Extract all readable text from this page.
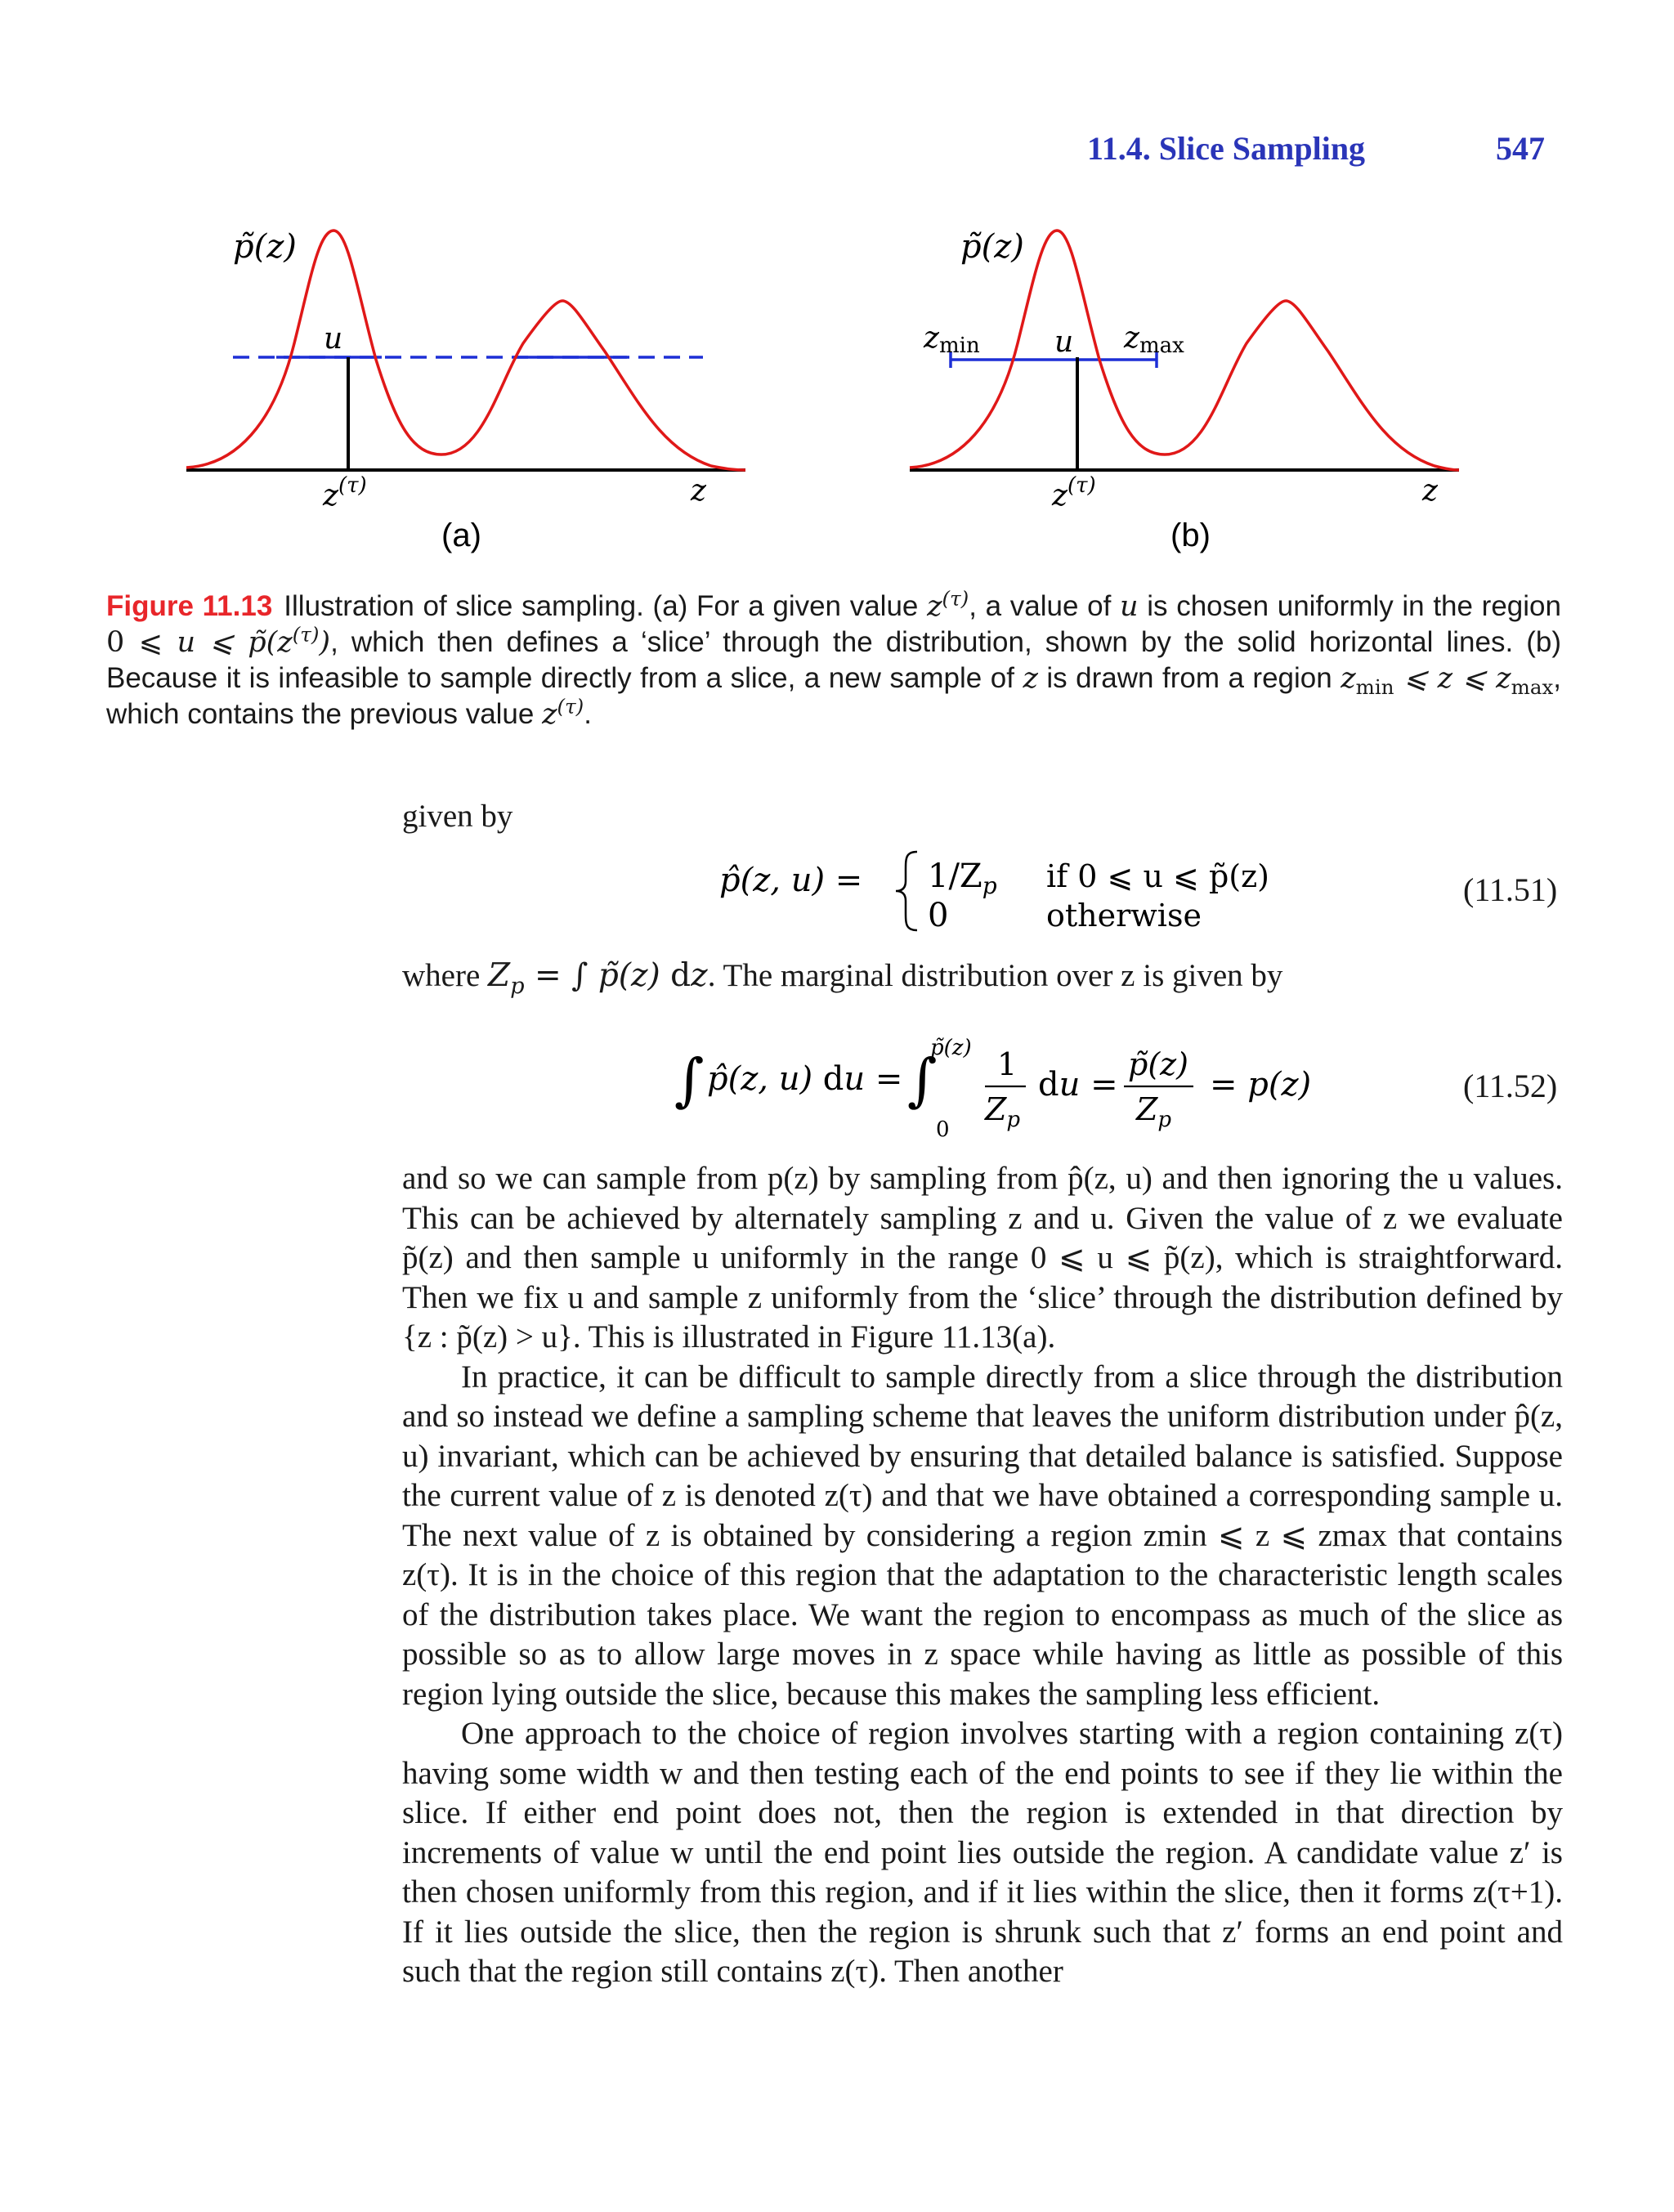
11.4. Slice Sampling	547
p̃(z)
u
$z^{(\tau)}$	z
(a)
p̃(z)
zmin	u zmax
$z^{(\tau)}$	z
(b)
Figure 11.13 Illustration of slice sampling. (a) For a given value $z^{(\tau)}$, a value of u is chosen uniformly in the region 0 ⩽ u ⩽ $p̃(z^{(\tau)})$, which then defines a ‘slice’ through the distribution, shown by the solid horizontal lines. (b) Because it is infeasible to sample directly from a slice, a new sample of z is drawn from a region $z_{min}$ ⩽ z ⩽ $z_{max}$, which contains the previous value $z^{(\tau)}$.
given by
p̂(z, $u) = 1/Z_p$ if 0 ⩽ u ⩽ p̃(z)
0	otherwise
(11.51)
where $Z_p$ = ∫ p̃(z) dz. The marginal distribution over z is given by
∫ p̂(z, u) du = ∫
p̃(z)
0
1
$Z_p$
du =
p̃(z)
$Z_p$
= p(z)	(11.52)

and so we can sample from p(z) by sampling from p̂(z, u) and then ignoring the u values. This can be achieved by alternately sampling z and u. Given the value of z we evaluate p̃(z) and then sample u uniformly in the range 0 ⩽ u ⩽ p̃(z), which is straightforward. Then we fix u and sample z uniformly from the ‘slice’ through the distribution defined by {z : p̃(z) > u}. This is illustrated in Figure 11.13(a).

In practice, it can be difficult to sample directly from a slice through the distribution and so instead we define a sampling scheme that leaves the uniform distribution under p̂(z, u) invariant, which can be achieved by ensuring that detailed balance is satisfied. Suppose the current value of z is denoted z(τ) and that we have obtained a corresponding sample u. The next value of z is obtained by considering a region zmin ⩽ z ⩽ zmax that contains z(τ). It is in the choice of this region that the adaptation to the characteristic length scales of the distribution takes place. We want the region to encompass as much of the slice as possible so as to allow large moves in z space while having as little as possible of this region lying outside the slice, because this makes the sampling less efficient.

One approach to the choice of region involves starting with a region containing z(τ) having some width w and then testing each of the end points to see if they lie within the slice. If either end point does not, then the region is extended in that direction by increments of value w until the end point lies outside the region. A candidate value z′ is then chosen uniformly from this region, and if it lies within the slice, then it forms z(τ+1). If it lies outside the slice, then the region is shrunk such that z′ forms an end point and such that the region still contains z(τ). Then another
